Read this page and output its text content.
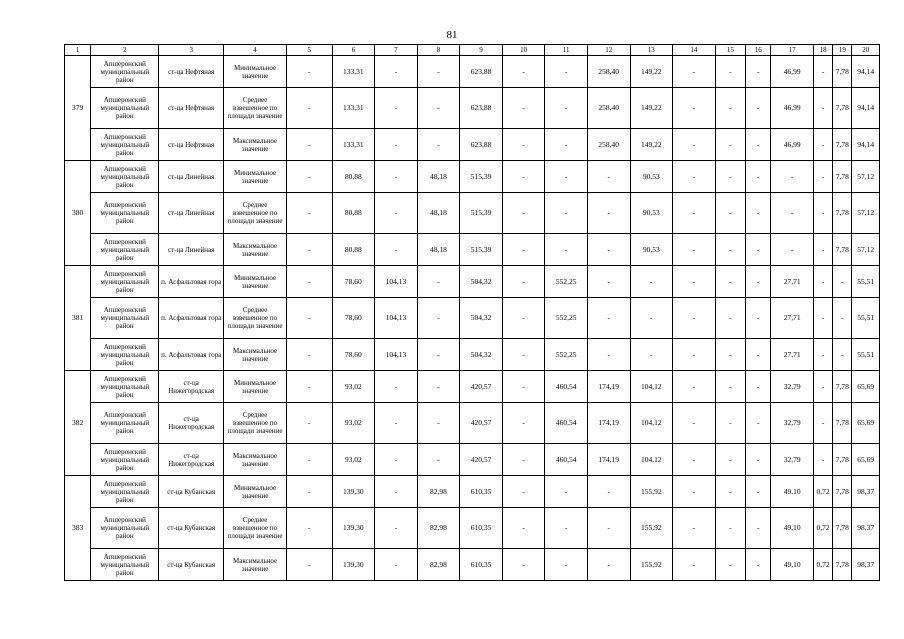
81
1	2	3	4	5	6	7	8	9	10	11	12	13	14	15	16	17	18	19	20
379	Апшеронский муниципальный район	ст-ца Нефтяная	Минимальное значение	-	133,31	-	-	623,88	-	-	258,40	149,22	-	-	-	46,99	-	7,78	94,14
	Апшеронский муниципальный район	ст-ца Нефтяная	Среднее взвешенное по площади значение	-	133,31	-	-	623,88	-	-	258,40	149,22	-	-	-	46,99	-	7,78	94,14
	Апшеронский муниципальный район	ст-ца Нефтяная	Максимальное значение	-	133,31	-	-	623,88	-	-	258,40	149,22	-	-	-	46,99	-	7,78	94,14
380	Апшеронский муниципальный район	ст-ца Линейная	Минимальное значение	-	80,88	-	48,18	515,39	-	-	-	90,53	-	-	-	-	-	7,78	57,12
	Апшеронский муниципальный район	ст-ца Линейная	Среднее взвешенное по площади значение	-	80,88	-	48,18	515,39	-	-	-	90,53	-	-	-	-	-	7,78	57,12
	Апшеронский муниципальный район	ст-ца Линейная	Максимальное значение	-	80,88	-	48,18	515,39	-	-	-	90,53	-	-	-	-	-	7,78	57,12
381	Апшеронский муниципальный район	п. Асфальтовая гора	Минимальное значение	-	78,60	104,13	-	504,32	-	552,25	-	-	-	-	-	27,71	-	-	55,51
	Апшеронский муниципальный район	п. Асфальтовая гора	Среднее взвешенное по площади значение	-	78,60	104,13	-	504,32	-	552,25	-	-	-	-	-	27,71	-	-	55,51
	Апшеронский муниципальный район	п. Асфальтовая гора	Максимальное значение	-	78,60	104,13	-	504,32	-	552,25	-	-	-	-	-	27,71	-	-	55,51
382	Апшеронский муниципальный район	ст-ца Нижегородская	Минимальное значение	-	93,02	-	-	420,57	-	460,54	174,19	104,12	-	-	-	32,79	-	7,78	65,69
	Апшеронский муниципальный район	ст-ца Нижегородская	Среднее взвешенное по площади значение	-	93,02	-	-	420,57	-	460,54	174,19	104,12	-	-	-	32,79	-	7,78	65,69
	Апшеронский муниципальный район	ст-ца Нижегородская	Максимальное значение	-	93,02	-	-	420,57	-	460,54	174,19	104,12	-	-	-	32,79	-	7,78	65,69
383	Апшеронский муниципальный район	ст-ца Кубанская	Минимальное значение	-	139,30	-	82,98	610,35	-	-	-	155,92	-	-	-	49,10	0,72	7,78	98,37
	Апшеронский муниципальный район	ст-ца Кубанская	Среднее взвешенное по площади значение	-	139,30	-	82,98	610,35	-	-	-	155,92	-	-	-	49,10	0,72	7,78	98,37
	Апшеронский муниципальный район	ст-ца Кубанская	Максимальное значение	-	139,30	-	82,98	610,35	-	-	-	155,92	-	-	-	49,10	0,72	7,78	98,37
